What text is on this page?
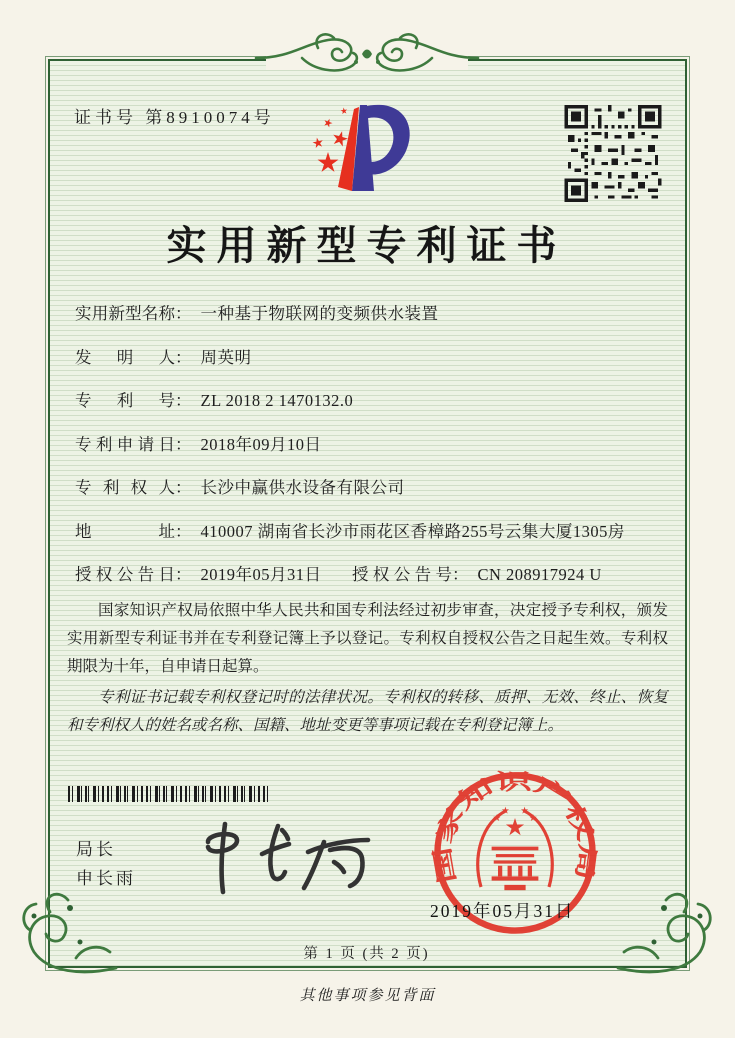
证书号 第8910074号
实用新型专利证书
实用新型名称： 一种基于物联网的变频供水装置
发明人： 周英明
专利号： ZL 2018 2 1470132.0
专利申请日： 2018年09月10日
专利权人： 长沙中赢供水设备有限公司
地址： 410007 湖南省长沙市雨花区香樟路255号云集大厦1305房
授权公告日： 2019年05月31日 授权公告号： CN 208917924 U

国家知识产权局依照中华人民共和国专利法经过初步审查，决定授予专利权，颁发实用新型专利证书并在专利登记簿上予以登记。专利权自授权公告之日起生效。专利权期限为十年，自申请日起算。

专利证书记载专利权登记时的法律状况。专利权的转移、质押、无效、终止、恢复和专利权人的姓名或名称、国籍、地址变更等事项记载在专利登记簿上。

局长
申长雨	国家知识产权局
2019年05月31日
第 1 页 (共 2 页)
其他事项参见背面
